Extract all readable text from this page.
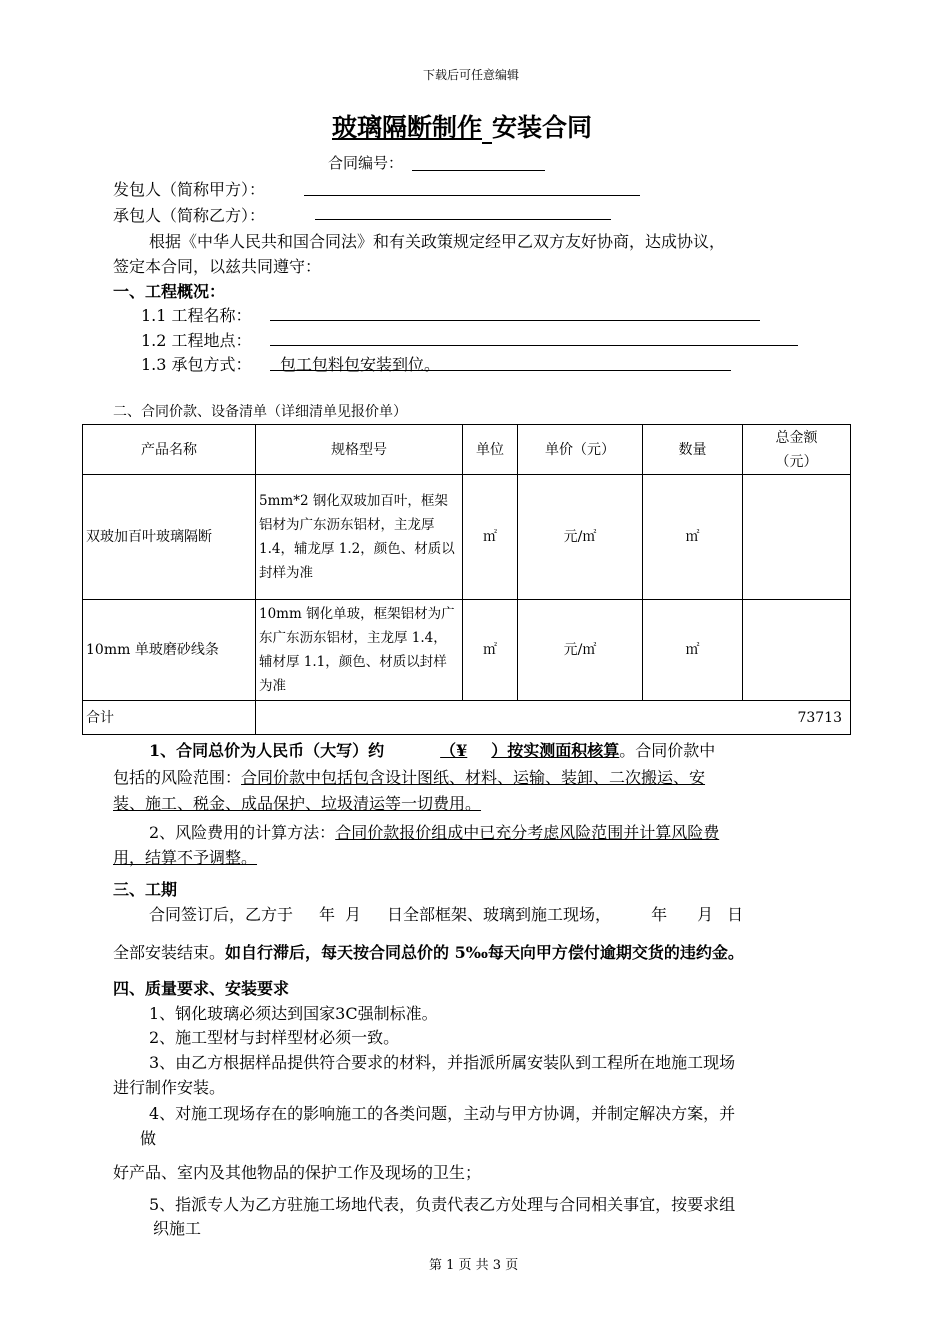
下载后可任意编辑
玻璃隔断制作 安装合同
合同编号：
发包人（简称甲方）：
承包人（简称乙方）：
根据《中华人民共和国合同法》和有关政策规定经甲乙双方友好协商，达成协议，
签定本合同，以兹共同遵守：
一、工程概况：
1.1 工程名称：
1.2 工程地点：
1.3 承包方式： 包工包料包安装到位。
二、合同价款、设备清单（详细清单见报价单）
产品名称	规格型号	单位	单价（元）	数量	总金额（元）
双玻加百叶玻璃隔断	5mm*2 钢化双玻加百叶，框架铝材为广东沥东铝材，主龙厚 1.4，辅龙厚 1.2，颜色、材质以封样为准	㎡	元/㎡	㎡	
10mm 单玻磨砂线条	10mm 钢化单玻，框架铝材为广东广东沥东铝材，主龙厚 1.4，辅材厚 1.1，颜色、材质以封样为准	㎡	元/㎡	㎡	
合计	73713				
1、合同总价为人民币（大写）约	（¥ ）按实测面积核算。合同价款中
包括的风险范围：合同价款中包括包含设计图纸、材料、运输、装卸、二次搬运、安
装、施工、税金、成品保护、垃圾清运等一切费用。
2、风险费用的计算方法：合同价款报价组成中已充分考虑风险范围并计算风险费
用，结算不予调整。
三、工期
合同签订后，乙方于 年 月 日全部框架、玻璃到施工现场，	年 月 日
全部安装结束。如自行滞后，每天按合同总价的 5‰每天向甲方偿付逾期交货的违约金。
四、质量要求、安装要求
1、钢化玻璃必须达到国家3C强制标准。
2、施工型材与封样型材必须一致。
3、由乙方根据样品提供符合要求的材料，并指派所属安装队到工程所在地施工现场
进行制作安装。
4、对施工现场存在的影响施工的各类问题，主动与甲方协调，并制定解决方案，并
做
好产品、室内及其他物品的保护工作及现场的卫生；
5、指派专人为乙方驻施工场地代表，负责代表乙方处理与合同相关事宜，按要求组
织施工
第 1 页 共 3 页
